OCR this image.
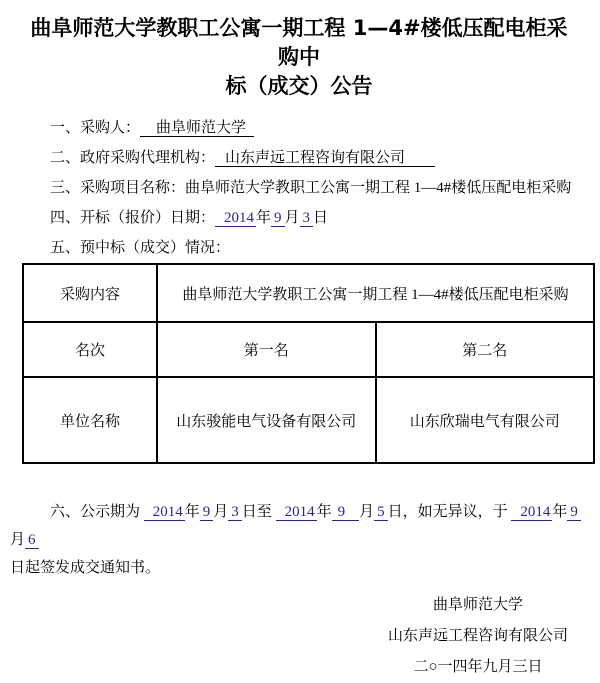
曲阜师范大学教职工公寓一期工程 1—4#楼低压配电柜采购中
标（成交）公告
一、采购人： 曲阜师范大学
二、政府采购代理机构： 山东声远工程咨询有限公司
三、采购项目名称：曲阜师范大学教职工公寓一期工程 1—4#楼低压配电柜采购
四、开标（报价）日期： 2014 年 9 月 3 日
五、预中标（成交）情况：
采购内容	曲阜师范大学教职工公寓一期工程 1—4#楼低压配电柜采购	
名次	第一名	第二名
单位名称	山东骏能电气设备有限公司	山东欣瑞电气有限公司
六、公示期为 2014 年 9 月 3 日至 2014 年 9 月 5 日，如无异议，于 2014 年 9月 6
日起签发成交通知书。
曲阜师范大学
山东声远工程咨询有限公司
二○一四年九月三日
